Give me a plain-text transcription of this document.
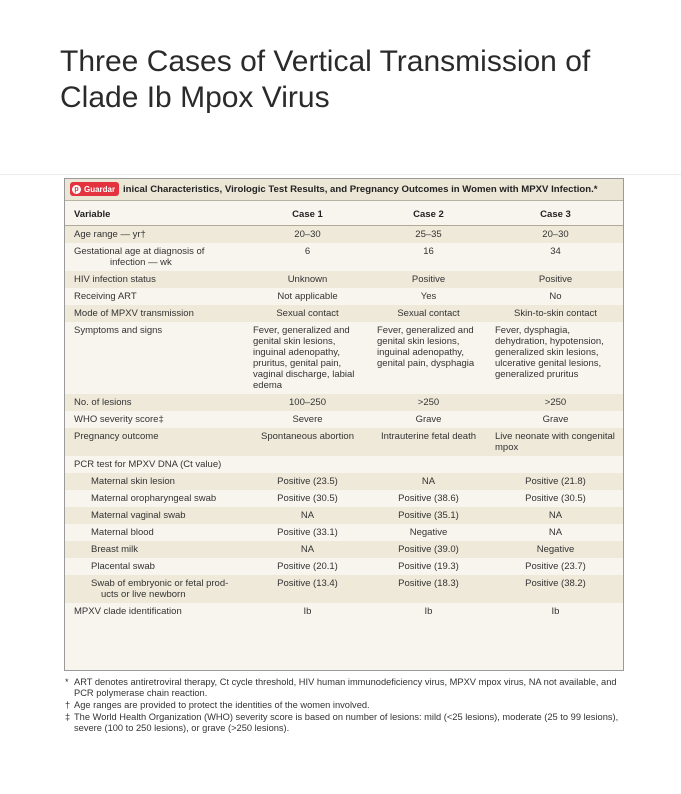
Three Cases of Vertical Transmission of Clade Ib Mpox Virus
p Guardar inical Characteristics, Virologic Test Results, and Pregnancy Outcomes in Women with MPXV Infection.*
Variable	Case 1	Case 2	Case 3
Age range — yr†	20–30	25–35	20–30

Gestational age at diagnosis of
infection — wk	6	16	34
HIV infection status	Unknown	Positive	Positive
Receiving ART	Not applicable	Yes	No
Mode of MPXV transmission	Sexual contact	Sexual contact	Skin-to-skin contact
Symptoms and signs	Fever, generalized and genital skin lesions, inguinal adenopathy, pruritus, genital pain, vaginal discharge, labial edema	Fever, generalized and genital skin lesions, inguinal adenopathy, genital pain, dysphagia	Fever, dysphagia, dehydration, hypotension, generalized skin lesions, ulcerative genital lesions, generalized pruritus

No. of lesions	100–250	>250	>250
WHO severity score‡	Severe	Grave	Grave
Pregnancy outcome	Spontaneous abortion	Intrauterine fetal death	Live neonate with congenital mpox

PCR test for MPXV DNA (Ct value)			
Maternal skin lesion	Positive (23.5)	NA	Positive (21.8)
Maternal oropharyngeal swab	Positive (30.5)	Positive (38.6)	Positive (30.5)
Maternal vaginal swab	NA	Positive (35.1)	NA
Maternal blood	Positive (33.1)	Negative	NA
Breast milk	NA	Positive (39.0)	Negative
Placental swab	Positive (20.1)	Positive (19.3)	Positive (23.7)

Swab of embryonic or fetal prod-
ucts or live newborn	Positive (13.4)	Positive (18.3)	Positive (38.2)
MPXV clade identification	Ib	Ib	Ib
* ART denotes antiretroviral therapy, Ct cycle threshold, HIV human immunodeficiency virus, MPXV mpox virus, NA not available, and PCR polymerase chain reaction.
† Age ranges are provided to protect the identities of the women involved.
‡ The World Health Organization (WHO) severity score is based on number of lesions: mild (<25 lesions), moderate (25 to 99 lesions), severe (100 to 250 lesions), or grave (>250 lesions).
